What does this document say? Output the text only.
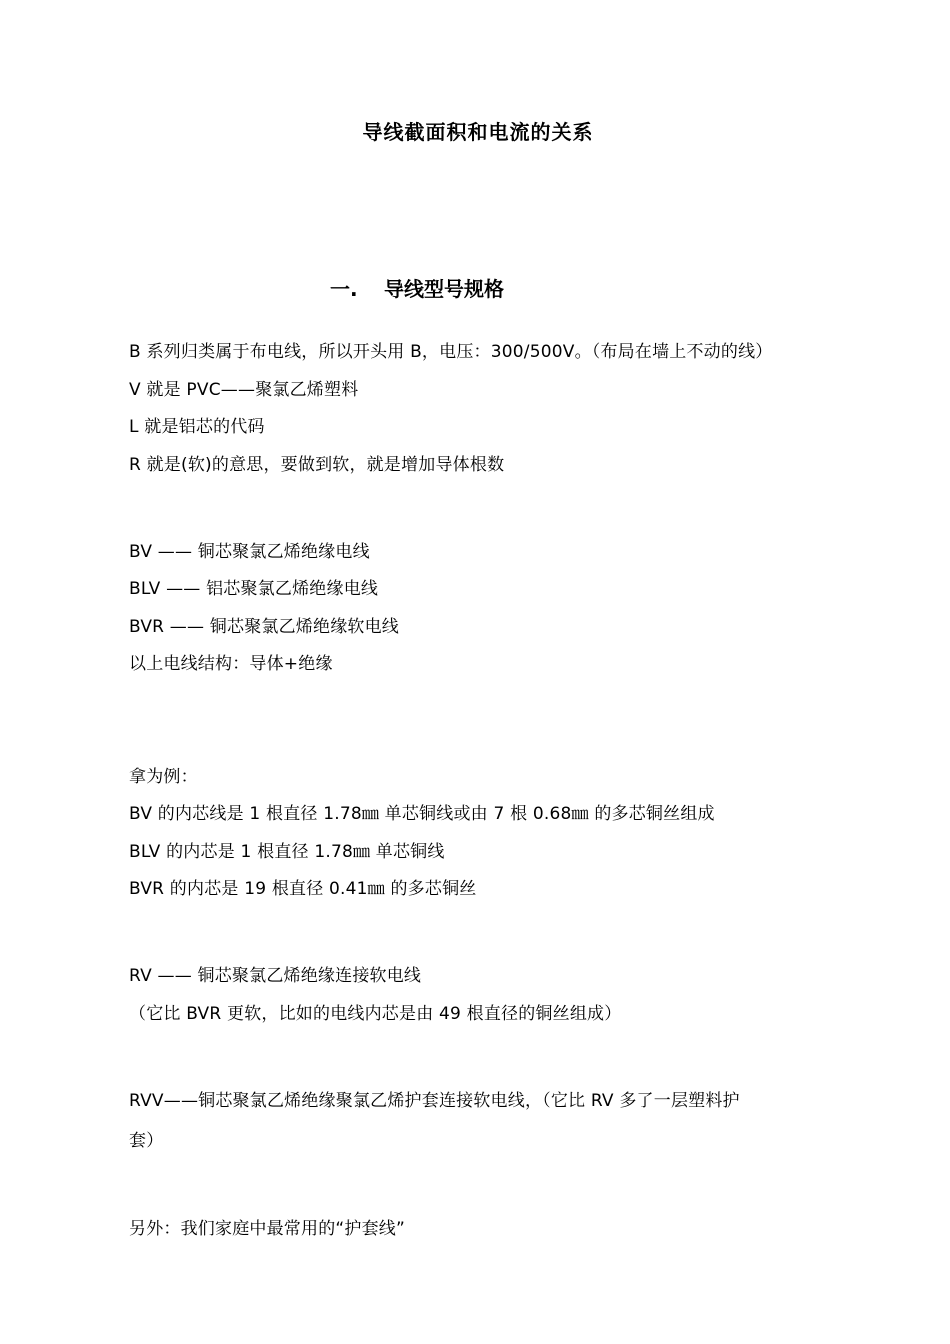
导线截面积和电流的关系
一. 导线型号规格
B 系列归类属于布电线，所以开头用 B，电压：300/500V。（布局在墙上不动的线）
V 就是 PVC——聚氯乙烯塑料
L 就是铝芯的代码
R 就是(软)的意思，要做到软，就是增加导体根数
BV —— 铜芯聚氯乙烯绝缘电线
BLV —— 铝芯聚氯乙烯绝缘电线
BVR —— 铜芯聚氯乙烯绝缘软电线
以上电线结构：导体+绝缘
拿为例：
BV 的内芯线是 1 根直径 1.78㎜ 单芯铜线或由 7 根 0.68㎜ 的多芯铜丝组成
BLV 的内芯是 1 根直径 1.78㎜ 单芯铜线
BVR 的内芯是 19 根直径 0.41㎜ 的多芯铜丝
RV —— 铜芯聚氯乙烯绝缘连接软电线
（它比 BVR 更软，比如的电线内芯是由 49 根直径的铜丝组成）
RVV——铜芯聚氯乙烯绝缘聚氯乙烯护套连接软电线，（它比 RV 多了一层塑料护
套）
另外：我们家庭中最常用的“护套线”
